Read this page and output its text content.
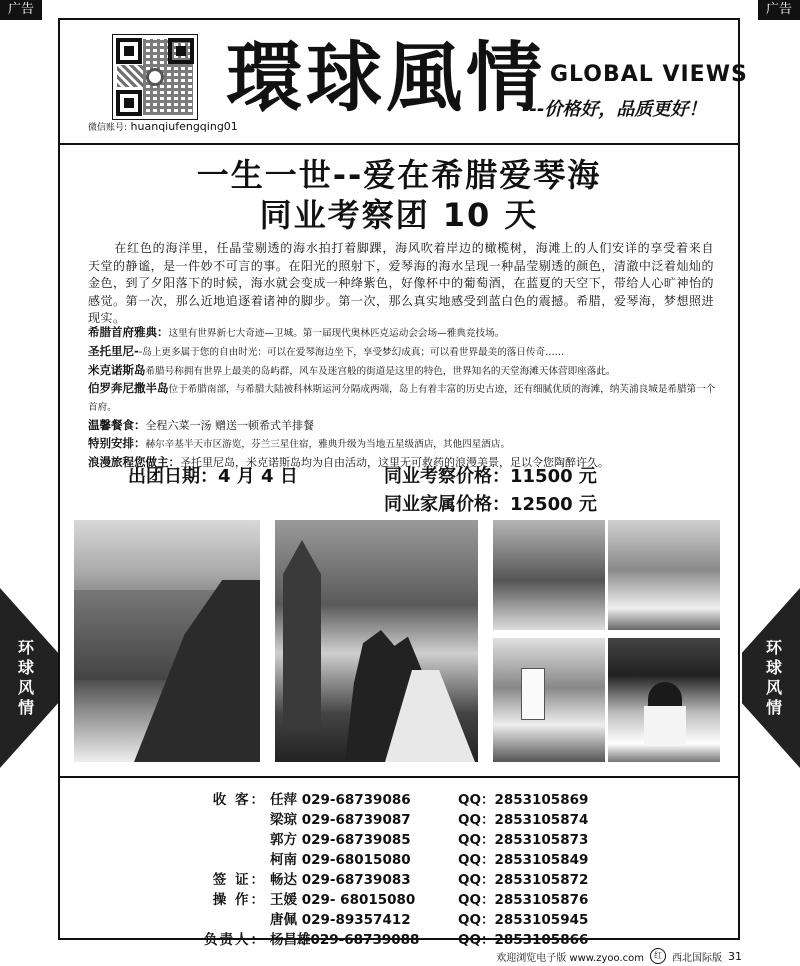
广告	广告
微信账号: huanqiufengqing01
環球風情 GLOBAL VIEWS
---价格好，品质更好！
一生一世--爱在希腊爱琴海
同业考察团 10 天
在红色的海洋里，任晶莹剔透的海水拍打着脚踝，海风吹着岸边的橄榄树，海滩上的人们安详的享受着来自天堂的静谧，是一件妙不可言的事。在阳光的照射下，爱琴海的海水呈现一种晶莹剔透的颜色，清澈中泛着灿灿的金色，到了夕阳落下的时候，海水就会变成一种绛紫色，好像杯中的葡萄酒，在蓝夏的天空下，带给人心旷神怡的感觉。第一次，那么近地追逐着诸神的脚步。第一次，那么真实地感受到蓝白色的震撼。希腊，爱琴海，梦想照进现实。
希腊首府雅典：这里有世界新七大奇迹—卫城。第一届现代奥林匹克运动会会场—雅典竞技场。
圣托里尼--岛上更多属于您的自由时光：可以在爱琴海边坐下，享受梦幻成真；可以看世界最美的落日传奇……
米克诺斯岛希腊号称拥有世界上最美的岛屿群，风车及迷宫般的街道是这里的特色，世界知名的天堂海滩天体营即座落此。
伯罗奔尼撒半岛位于希腊南部，与希腊大陆被科林斯运河分隔成两端，岛上有着丰富的历史古迹，还有细腻优质的海滩，纳芙浦良城是希腊第一个首府。
温馨餐食：全程六菜一汤 赠送一顿希式羊排餐
特别安排：赫尔辛基半天市区游览，芬兰三星住宿，雅典升级为当地五星级酒店，其他四星酒店。
浪漫旅程您做主：圣托里尼岛，米克诺斯岛均为自由活动，这里无可救药的浪漫美景，足以令您陶醉许久。
出团日期：4 月 4 日	同业考察价格：11500 元
同业家属价格：12500 元
环球风情
环球风情
收 客： 任萍 029-68739086	QQ：2853105869
梁琼 029-68739087	QQ：2853105874
郭方 029-68739085	QQ：2853105873
柯南 029-68015080	QQ：2853105849
签 证： 畅达 029-68739083	QQ：2853105872
操 作： 王媛 029- 68015080	QQ：2853105876
唐佩 029-89357412	QQ：2853105945
负责人： 杨昌雄029-68739088	QQ：2853105866
欢迎浏览电子版 www.zyoo.com	红	西北国际版 31
